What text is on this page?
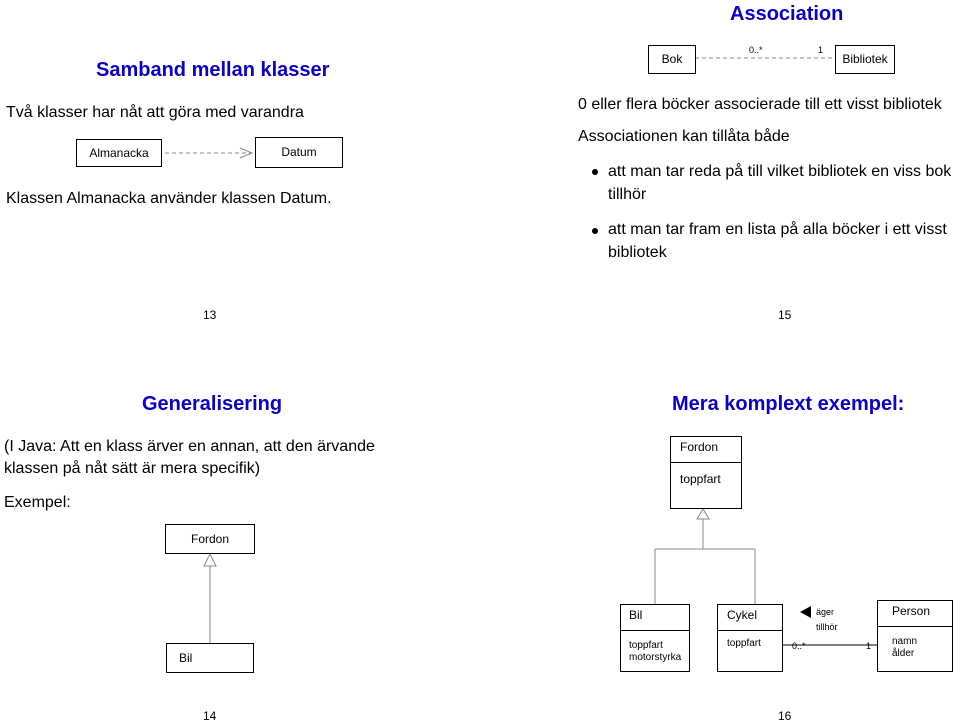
Samband mellan klasser
Två klasser har nåt att göra med varandra
Almanacka	Datum
Klassen Almanacka använder klassen Datum.
13
Association
Bok	Bibliotek
0..*	1
0 eller flera böcker associerade till ett visst bibliotek
Associationen kan tillåta både
att man tar reda på till vilket bibliotek en viss bok
tillhör
att man tar fram en lista på alla böcker i ett visst
bibliotek
15
Generalisering
(I Java: Att en klass ärver en annan, att den ärvande
klassen på nåt sätt är mera specifik)
Exempel:
Fordon
Bil
14
Mera komplext exempel:
Fordon
toppfart
Bil
toppfart
motorstyrka
Cykel
toppfart
Person
namn
ålder
äger
tillhör
0..*	1
16
